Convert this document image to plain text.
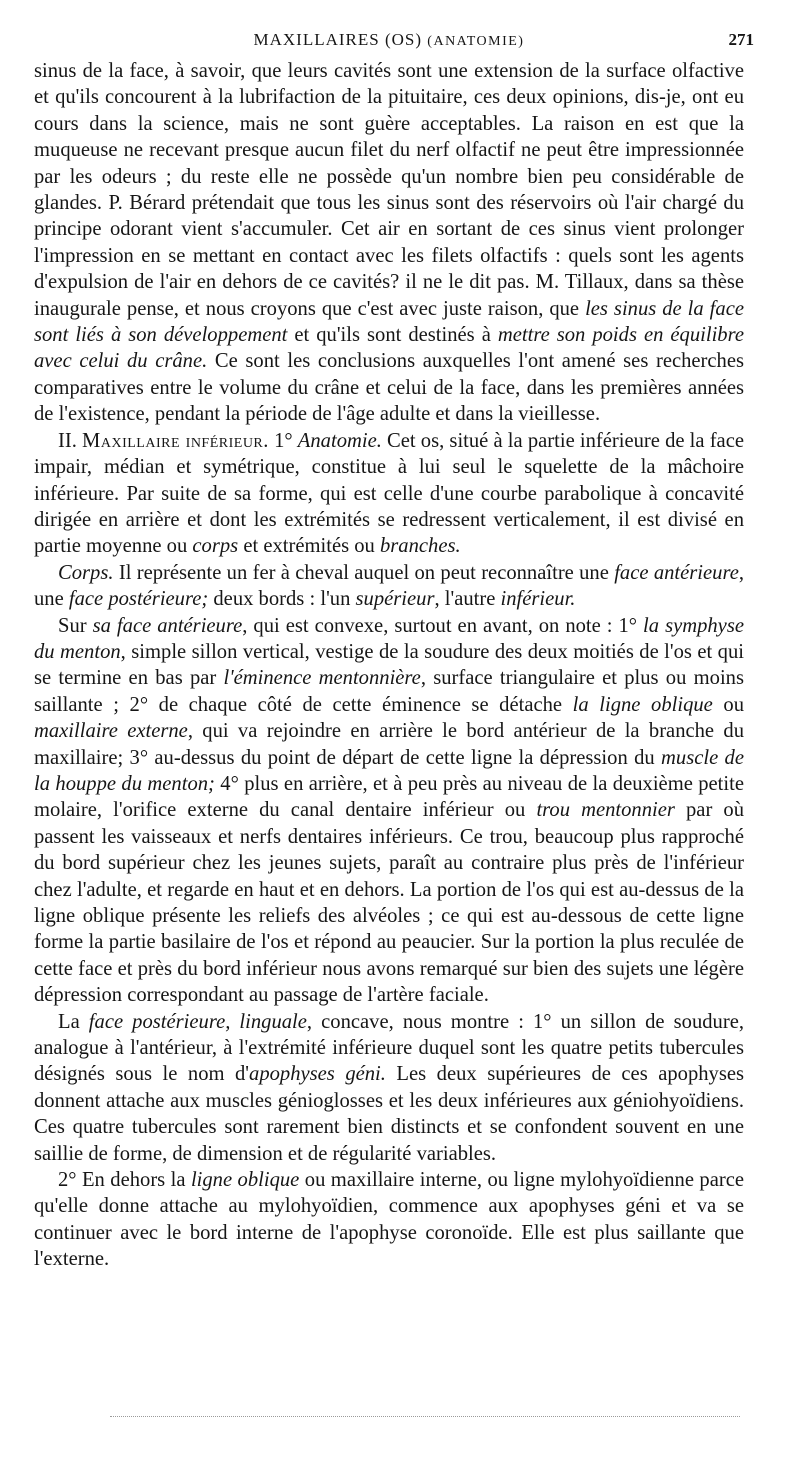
MAXILLAIRES (OS) (ANATOMIE)	271

sinus de la face, à savoir, que leurs cavités sont une extension de la surface olfactive et qu'ils concourent à la lubrifaction de la pituitaire, ces deux opinions, dis-je, ont eu cours dans la science, mais ne sont guère acceptables. La raison en est que la muqueuse ne recevant presque aucun filet du nerf olfactif ne peut être impressionnée par les odeurs ; du reste elle ne possède qu'un nombre bien peu considérable de glandes. P. Bérard prétendait que tous les sinus sont des réservoirs où l'air chargé du principe odorant vient s'accumuler. Cet air en sortant de ces sinus vient prolonger l'impression en se mettant en contact avec les filets olfactifs : quels sont les agents d'expulsion de l'air en dehors de ce cavités? il ne le dit pas. M. Tillaux, dans sa thèse inaugurale pense, et nous croyons que c'est avec juste raison, que les sinus de la face sont liés à son développement et qu'ils sont destinés à mettre son poids en équilibre avec celui du crâne. Ce sont les conclusions auxquelles l'ont amené ses recherches comparatives entre le volume du crâne et celui de la face, dans les premières années de l'existence, pendant la période de l'âge adulte et dans la vieillesse.

II. Maxillaire inférieur. 1° Anatomie. Cet os, situé à la partie inférieure de la face impair, médian et symétrique, constitue à lui seul le squelette de la mâchoire inférieure. Par suite de sa forme, qui est celle d'une courbe parabolique à concavité dirigée en arrière et dont les extrémités se redressent verticalement, il est divisé en partie moyenne ou corps et extrémités ou branches.

Corps. Il représente un fer à cheval auquel on peut reconnaître une face antérieure, une face postérieure; deux bords : l'un supérieur, l'autre inférieur.

Sur sa face antérieure, qui est convexe, surtout en avant, on note : 1° la symphyse du menton, simple sillon vertical, vestige de la soudure des deux moitiés de l'os et qui se termine en bas par l'éminence mentonnière, surface triangulaire et plus ou moins saillante ; 2° de chaque côté de cette éminence se détache la ligne oblique ou maxillaire externe, qui va rejoindre en arrière le bord antérieur de la branche du maxillaire; 3° au-dessus du point de départ de cette ligne la dépression du muscle de la houppe du menton; 4° plus en arrière, et à peu près au niveau de la deuxième petite molaire, l'orifice externe du canal dentaire inférieur ou trou mentonnier par où passent les vaisseaux et nerfs dentaires inférieurs. Ce trou, beaucoup plus rapproché du bord supérieur chez les jeunes sujets, paraît au contraire plus près de l'inférieur chez l'adulte, et regarde en haut et en dehors. La portion de l'os qui est au-dessus de la ligne oblique présente les reliefs des alvéoles ; ce qui est au-dessous de cette ligne forme la partie basilaire de l'os et répond au peaucier. Sur la portion la plus reculée de cette face et près du bord inférieur nous avons remarqué sur bien des sujets une légère dépression correspondant au passage de l'artère faciale.

La face postérieure, linguale, concave, nous montre : 1° un sillon de soudure, analogue à l'antérieur, à l'extrémité inférieure duquel sont les quatre petits tubercules désignés sous le nom d'apophyses géni. Les deux supérieures de ces apophyses donnent attache aux muscles génioglosses et les deux inférieures aux géniohyoïdiens. Ces quatre tubercules sont rarement bien distincts et se confondent souvent en une saillie de forme, de dimension et de régularité variables.

2° En dehors la ligne oblique ou maxillaire interne, ou ligne mylohyoïdienne parce qu'elle donne attache au mylohyoïdien, commence aux apophyses géni et va se continuer avec le bord interne de l'apophyse coronoïde. Elle est plus saillante que l'externe.
